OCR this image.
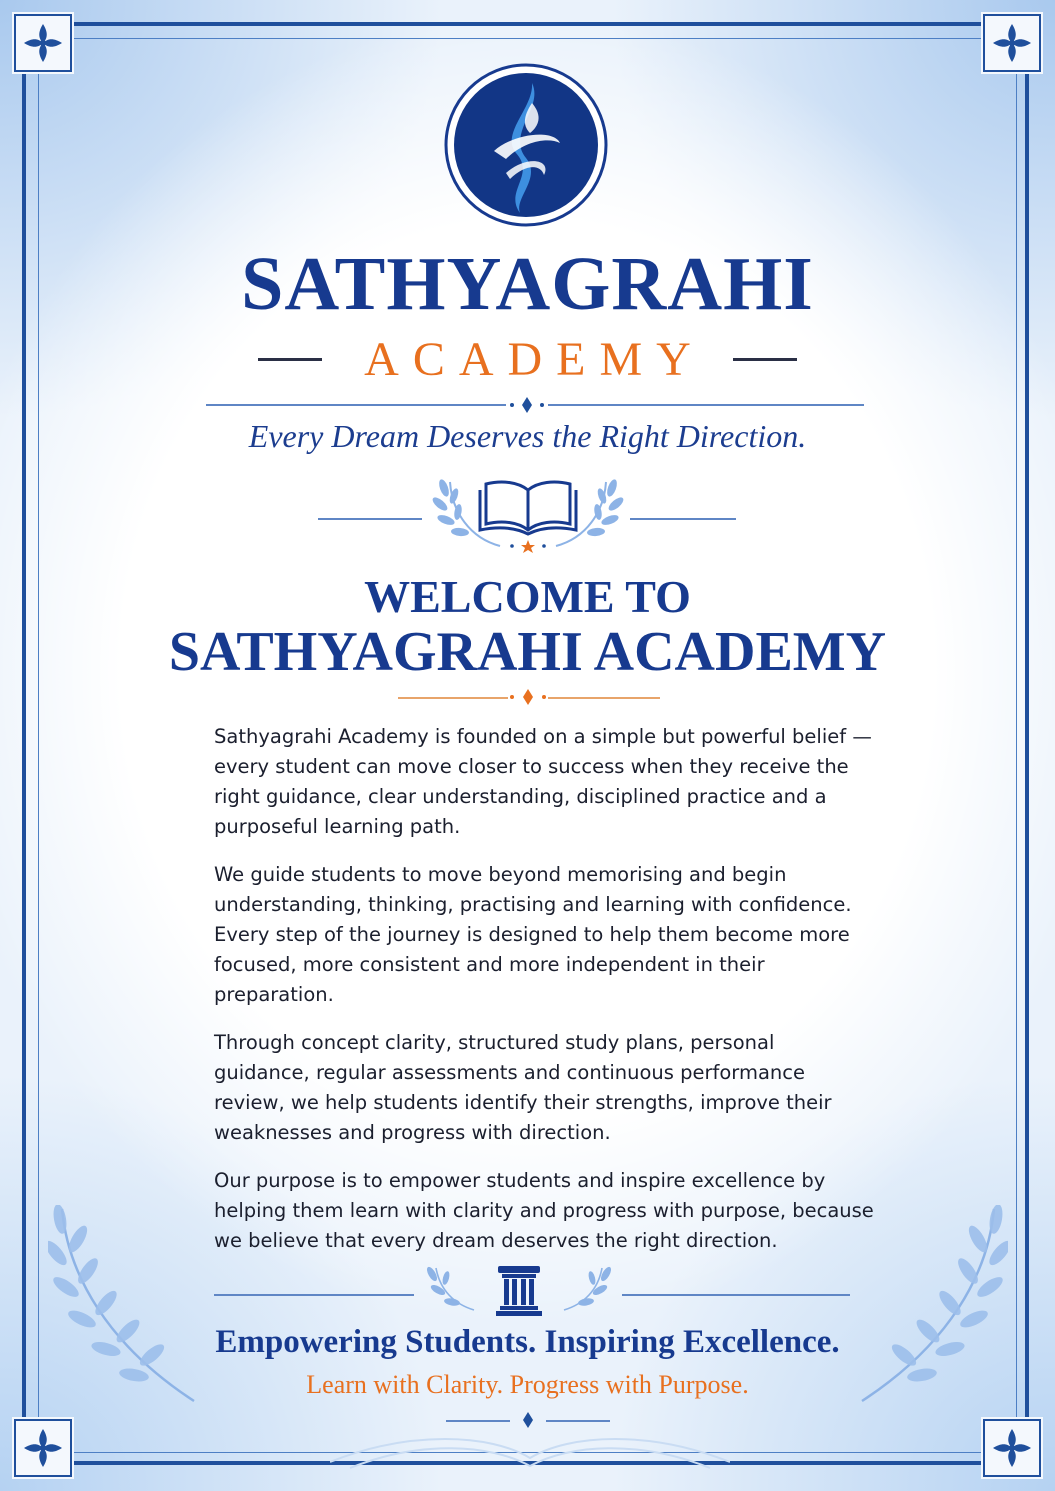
SATHYAGRAHI
ACADEMY
Every Dream Deserves the Right Direction.
WELCOME TO
SATHYAGRAHI ACADEMY

Sathyagrahi Academy is founded on a simple but powerful belief — every student can move closer to success when they receive the right guidance, clear understanding, disciplined practice and a purposeful learning path.

We guide students to move beyond memorising and begin understanding, thinking, practising and learning with confidence. Every step of the journey is designed to help them become more focused, more consistent and more independent in their preparation.

Through concept clarity, structured study plans, personal guidance, regular assessments and continuous performance review, we help students identify their strengths, improve their weaknesses and progress with direction.

Our purpose is to empower students and inspire excellence by helping them learn with clarity and progress with purpose, because we believe that every dream deserves the right direction.

Empowering Students. Inspiring Excellence.
Learn with Clarity. Progress with Purpose.
